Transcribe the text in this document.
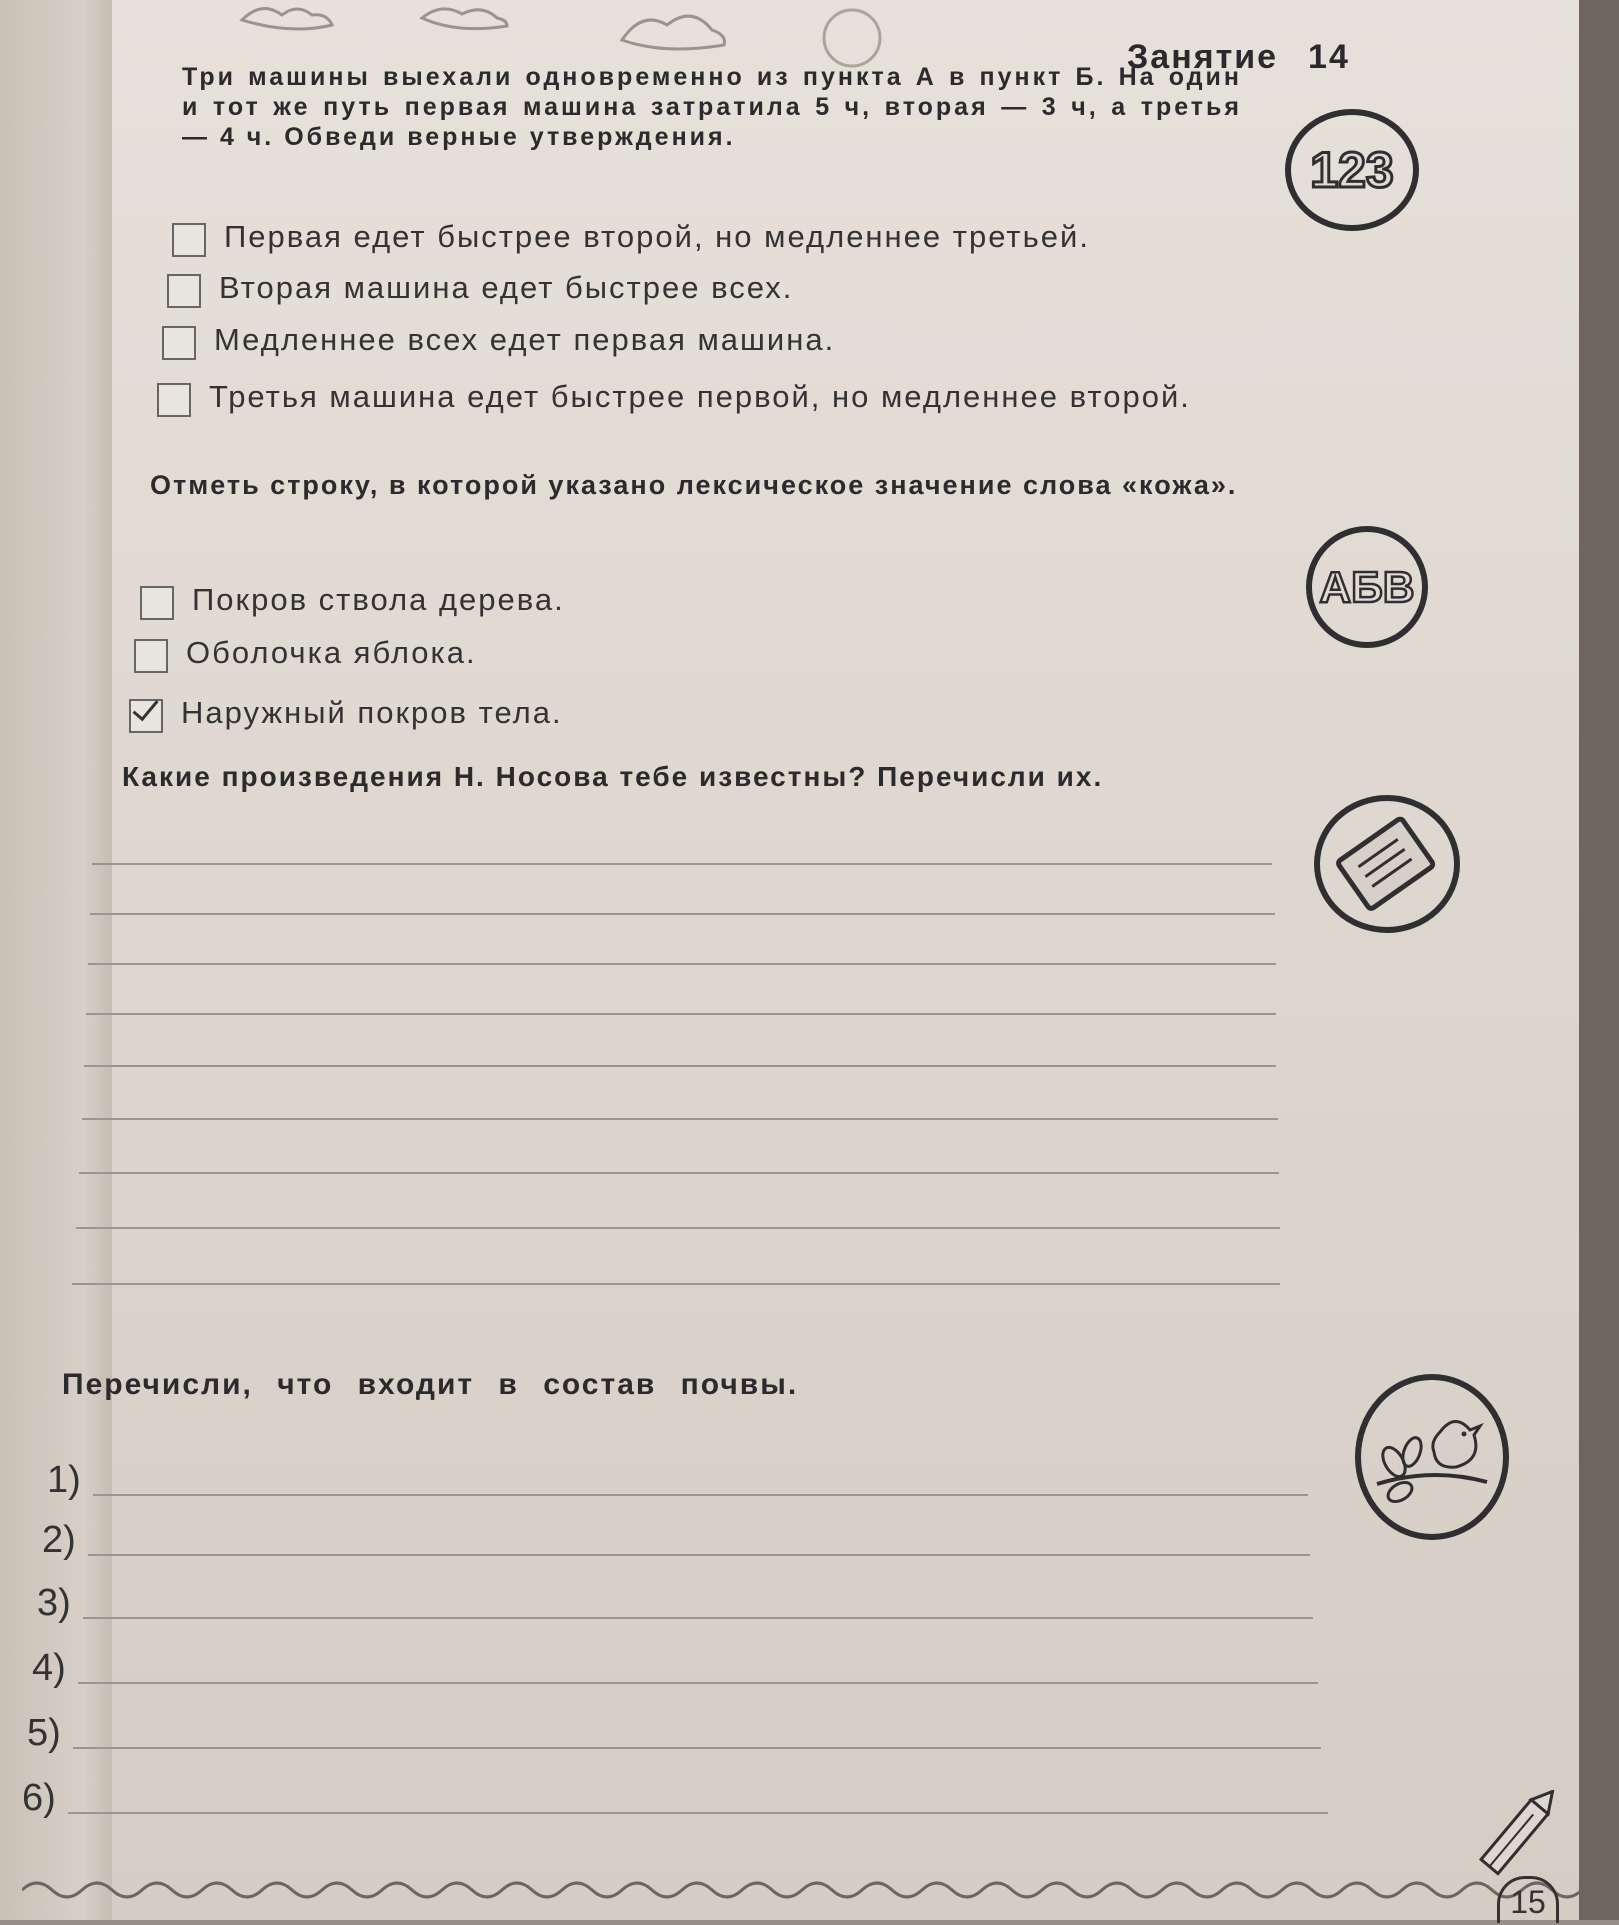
Занятие 14
Три машины выехали одновременно из пункта А в пункт Б. На один и тот же путь первая машина затратила 5 ч, вторая — 3 ч, а третья — 4 ч. Обведи верные утверждения.
Первая едет быстрее второй, но медленнее третьей.
Вторая машина едет быстрее всех.
Медленнее всех едет первая машина.
Третья машина едет быстрее первой, но медленнее второй.
123
Отметь строку, в которой указано лексическое значение слова «кожа».
Покров ствола дерева.
Оболочка яблока.
Наружный покров тела.
АБВ
Какие произведения Н. Носова тебе известны? Перечисли их.
Перечисли, что входит в состав почвы.
1)
2)
3)
4)
5)
6)
15
